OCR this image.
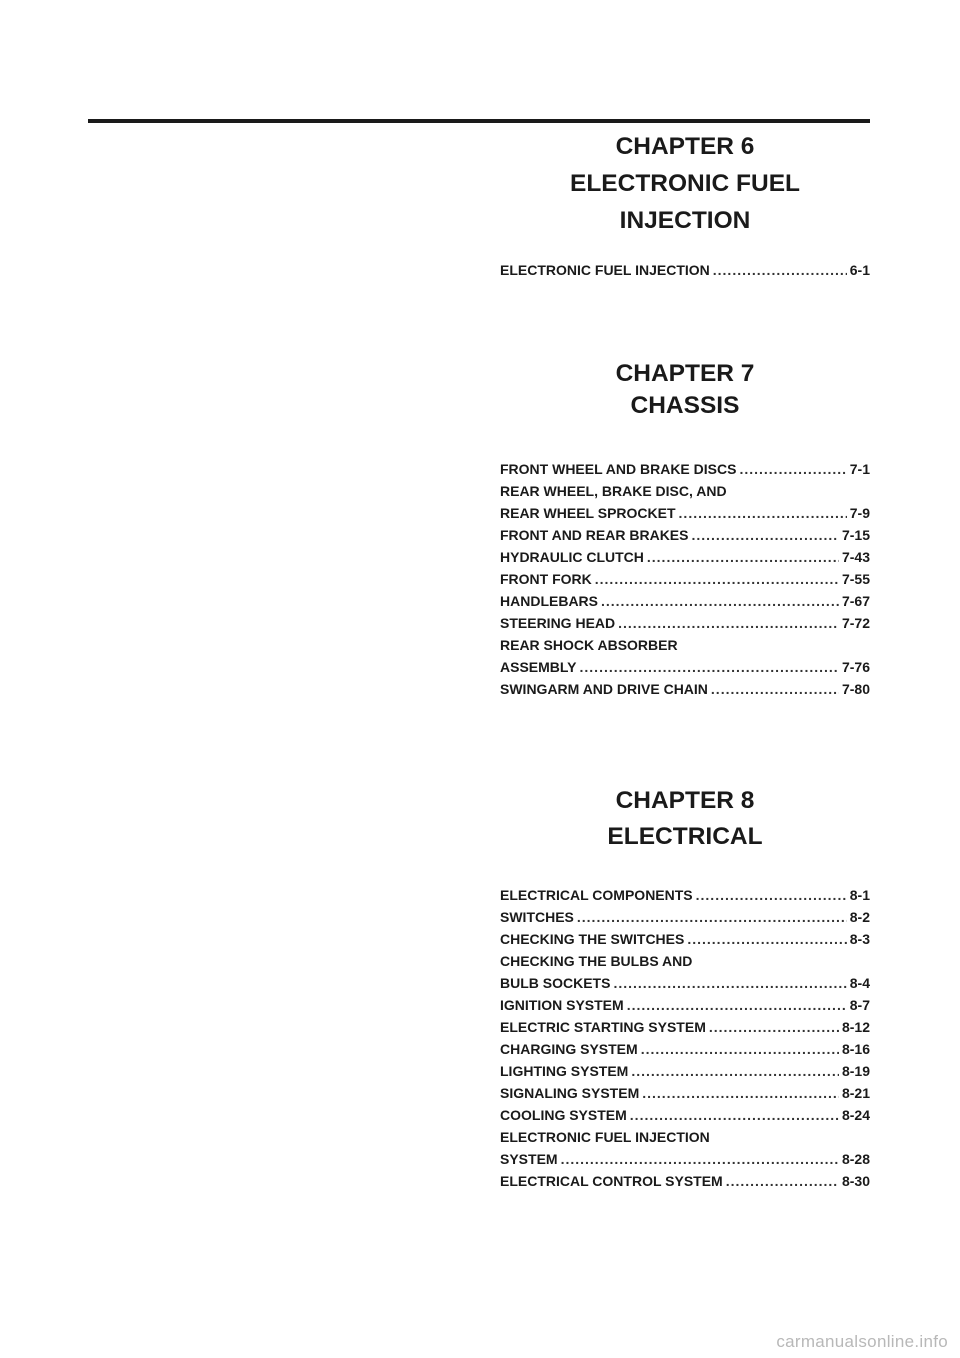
CHAPTER 6
ELECTRONIC FUEL
INJECTION
ELECTRONIC FUEL INJECTION .....	6-1
CHAPTER 7
CHASSIS
FRONT WHEEL AND BRAKE DISCS .....	7-1
REAR WHEEL, BRAKE DISC, AND
REAR WHEEL SPROCKET .....	7-9
FRONT AND REAR BRAKES .....	7-15
HYDRAULIC CLUTCH .....	7-43
FRONT FORK .....	7-55
HANDLEBARS .....	7-67
STEERING HEAD .....	7-72
REAR SHOCK ABSORBER
ASSEMBLY .....	7-76
SWINGARM AND DRIVE CHAIN .....	7-80
CHAPTER 8
ELECTRICAL
ELECTRICAL COMPONENTS .....	8-1
SWITCHES .....	8-2
CHECKING THE SWITCHES .....	8-3
CHECKING THE BULBS AND
BULB SOCKETS .....	8-4
IGNITION SYSTEM .....	8-7
ELECTRIC STARTING SYSTEM .....	8-12
CHARGING SYSTEM .....	8-16
LIGHTING SYSTEM .....	8-19
SIGNALING SYSTEM .....	8-21
COOLING SYSTEM .....	8-24
ELECTRONIC FUEL INJECTION
SYSTEM .....	8-28
ELECTRICAL CONTROL SYSTEM .....	8-30
carmanualsonline.info
